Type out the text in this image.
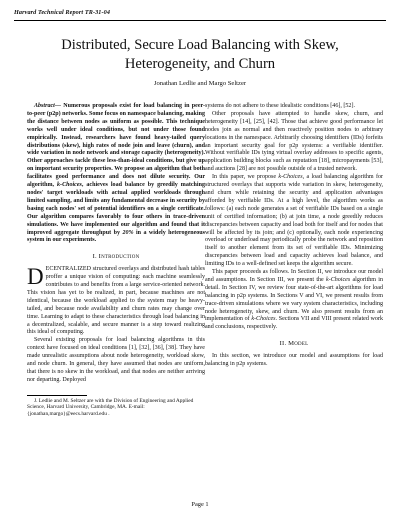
Harvard Technical Report TR-31-04
Distributed, Secure Load Balancing with Skew,
Heterogeneity, and Churn
Jonathan Ledlie and Margo Seltzer

Abstract— Numerous proposals exist for load balancing in peer-to-peer (p2p) networks. Some focus on namespace balancing, making the distance between nodes as uniform as possible. This technique works well under ideal conditions, but not under those found empirically. Instead, researchers have found heavy-tailed query distributions (skew), high rates of node join and leave (churn), and wide variation in node network and storage capacity (heterogeneity). Other approaches tackle these less-than-ideal conditions, but give up on important security properties. We propose an algorithm that both facilitates good performance and does not dilute security. Our algorithm, k-Choices, achieves load balance by greedily matching nodes' target workloads with actual applied workloads through limited sampling, and limits any fundamental decrease in security by basing each nodes' set of potential identifiers on a single certificate. Our algorithm compares favorably to four others in trace-driven simulations. We have implemented our algorithm and found that it improved aggregate throughput by 20% in a widely heterogeneous system in our experiments.

I. Introduction

DECENTRALIZED structured overlays and distributed hash tables proffer a unique vision of computing: each machine seamlessly contributes to and benefits from a large service-oriented network. This vision has yet to be realized, in part, because machines are not identical, because the workload applied to the system may be heavy-tailed, and because node availability and churn rates may change over time. Learning to adapt to these characteristics through load balancing in a decentralized, scalable, and secure manner is a step toward realizing this ideal of computing.

Several existing proposals for load balancing algorithms in this context have focused on ideal conditions [1], [32], [36], [38]. They have made unrealistic assumptions about node heterogeneity, workload skew, and node churn. In general, they have assumed that nodes are uniform, that there is no skew in the workload, and that nodes are neither arriving nor departing. Deployed

J. Ledlie and M. Seltzer are with the Division of Engineering and Applied Science, Harvard University, Cambridge, MA. E-mail: {jonathan,margo}@eecs.harvard.edu .

systems do not adhere to these idealistic conditions [46], [52].

Other proposals have attempted to handle skew, churn, and heterogeneity [14], [25], [42]. Those that achieve good performance let nodes join as normal and then reactively position nodes to arbitrary locations in the namespace. Arbitrarily choosing identifiers (IDs) forfeits an important security goal for p2p systems: a verifiable identifier. Without verifiable IDs tying virtual overlay addresses to specific agents, application building blocks such as reputation [18], micropayments [53], and auctions [28] are not possible outside of a trusted network.

In this paper, we propose k-Choices, a load balancing algorithm for structured overlays that supports wide variation in skew, heterogeneity, and churn while retaining the security and application advantages afforded by verifiable IDs. At a high level, the algorithm works as follows: (a) each node generates a set of verifiable IDs based on a single unit of certified information; (b) at join time, a node greedily reduces discrepancies between capacity and load both for itself and for nodes that will be affected by its join; and (c) optionally, each node experiencing overload or underload may periodically probe the network and reposition itself to another element from its set of verifiable IDs. Minimizing discrepancies between load and capacity achieves load balance, and limiting IDs to a well-defined set keeps the algorithm secure.

This paper proceeds as follows. In Section II, we introduce our model and assumptions. In Section III, we present the k-Choices algorithm in detail. In Section IV, we review four state-of-the-art algorithms for load balancing in p2p systems. In Sections V and VI, we present results from trace-driven simulations where we vary system characteristics, including node heterogeneity, skew, and churn. We also present results from an implementation of k-Choices. Sections VII and VIII present related work and conclusions, respectively.

II. Model

In this section, we introduce our model and assumptions for load balancing in p2p systems.

Page 1
